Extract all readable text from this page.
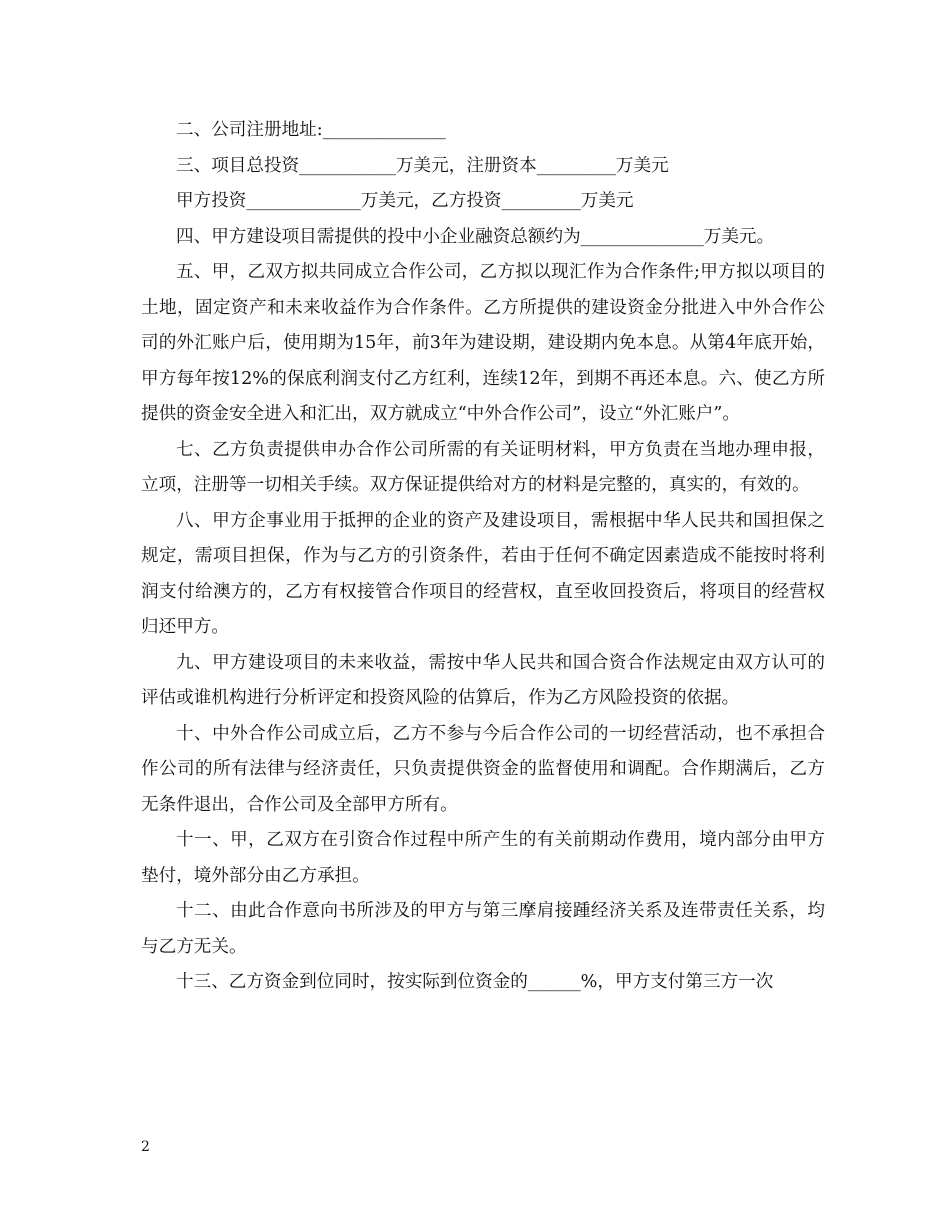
二、公司注册地址:______________

三、项目总投资___________万美元，注册资本_________万美元

甲方投资_____________万美元，乙方投资_________万美元

四、甲方建设项目需提供的投中小企业融资总额约为______________万美元。

五、甲，乙双方拟共同成立合作公司，乙方拟以现汇作为合作条件;甲方拟以项目的土地，固定资产和未来收益作为合作条件。乙方所提供的建设资金分批进入中外合作公司的外汇账户后，使用期为15年，前3年为建设期，建设期内免本息。从第4年底开始，甲方每年按12%的保底利润支付乙方红利，连续12年，到期不再还本息。六、使乙方所提供的资金安全进入和汇出，双方就成立“中外合作公司”，设立“外汇账户”。

七、乙方负责提供申办合作公司所需的有关证明材料，甲方负责在当地办理申报，立项，注册等一切相关手续。双方保证提供给对方的材料是完整的，真实的，有效的。

八、甲方企事业用于抵押的企业的资产及建设项目，需根据中华人民共和国担保之规定，需项目担保，作为与乙方的引资条件，若由于任何不确定因素造成不能按时将利润支付给澳方的，乙方有权接管合作项目的经营权，直至收回投资后，将项目的经营权归还甲方。

九、甲方建设项目的未来收益，需按中华人民共和国合资合作法规定由双方认可的评估或谁机构进行分析评定和投资风险的估算后，作为乙方风险投资的依据。

十、中外合作公司成立后，乙方不参与今后合作公司的一切经营活动，也不承担合作公司的所有法律与经济责任，只负责提供资金的监督使用和调配。合作期满后，乙方无条件退出，合作公司及全部甲方所有。

十一、甲，乙双方在引资合作过程中所产生的有关前期动作费用，境内部分由甲方垫付，境外部分由乙方承担。

十二、由此合作意向书所涉及的甲方与第三摩肩接踵经济关系及连带责任关系，均与乙方无关。

十三、乙方资金到位同时，按实际到位资金的______%，甲方支付第三方一次

2
